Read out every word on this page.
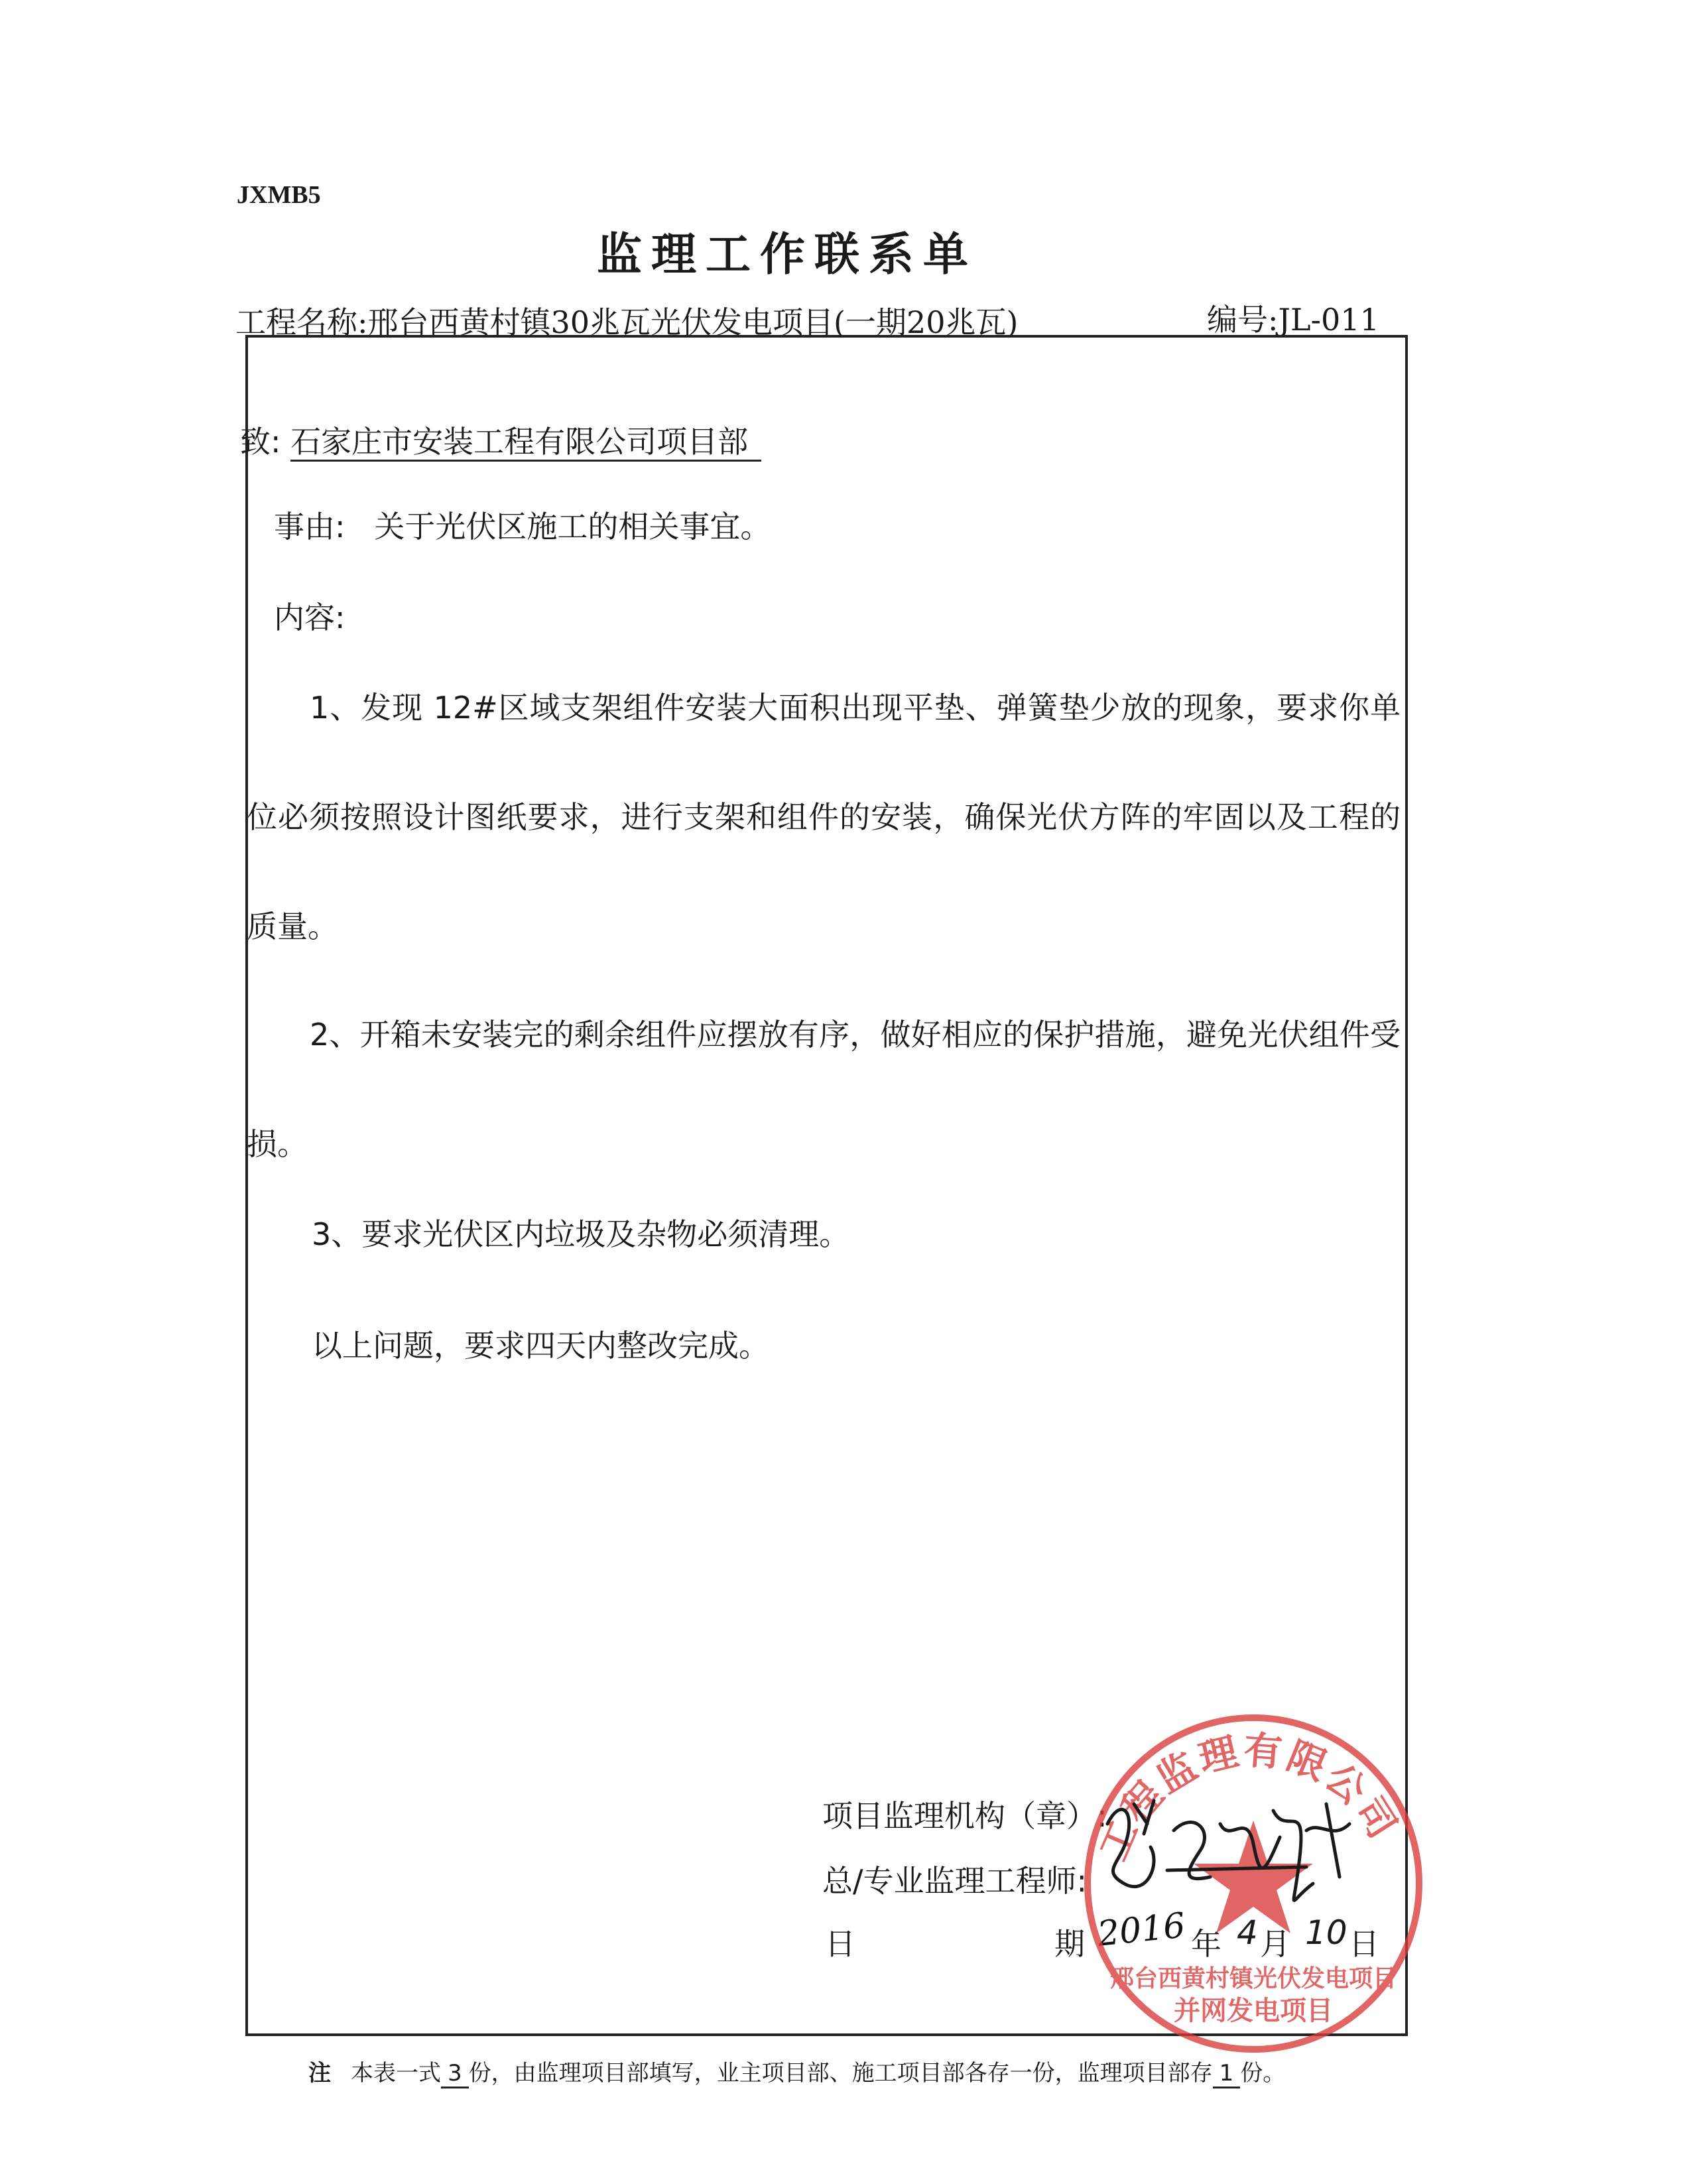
JXMB5
监理工作联系单
工程名称:邢台西黄村镇30兆瓦光伏发电项目(一期20兆瓦)	编号:JL-011
致: 石家庄市安装工程有限公司项目部
事由: 关于光伏区施工的相关事宜。
内容:
1、发现 12#区域支架组件安装大面积出现平垫、弹簧垫少放的现象，要求你单位必须按照设计图纸要求，进行支架和组件的安装，确保光伏方阵的牢固以及工程的质量。
2、开箱未安装完的剩余组件应摆放有序，做好相应的保护措施，避免光伏组件受损。
3、要求光伏区内垃圾及杂物必须清理。
以上问题，要求四天内整改完成。
项目监理机构（章）:
总/专业监理工程师:
日	期 2016 年 4 月 10 日
工程监理有限公司
邢台西黄村镇光伏发电项目
并网发电项目
注 本表一式 3 份，由监理项目部填写，业主项目部、施工项目部各存一份，监理项目部存 1 份。
